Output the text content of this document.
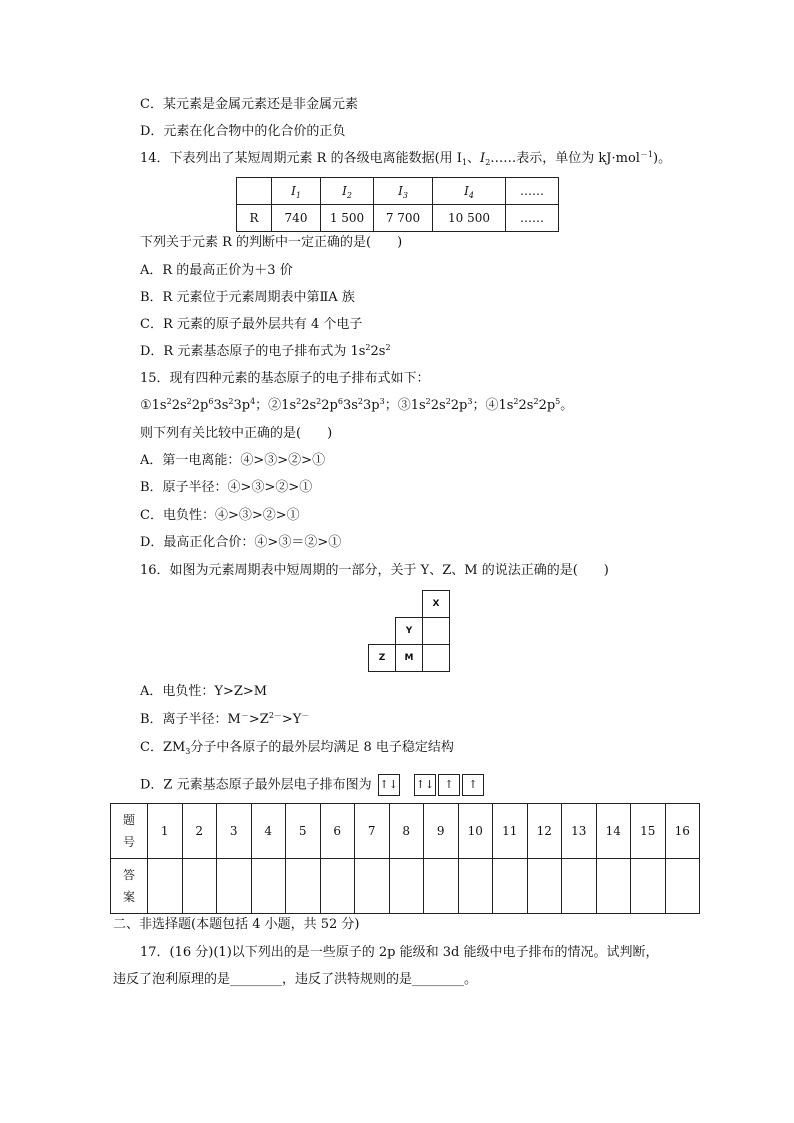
C．某元素是金属元素还是非金属元素
D．元素在化合物中的化合价的正负
14．下表列出了某短周期元素 R 的各级电离能数据(用 $I_1$、$I_2\dots\dots$表示，单位为 kJ·mol$^{-1}$)。
	$I_1$	$I_2$	$I_3$	$I_4$	……
R	740	1 500	7 700	10 500	……
下列关于元素 R 的判断中一定正确的是(　　)
A．R 的最高正价为＋3 价
B．R 元素位于元素周期表中第ⅡA 族
C．R 元素的原子最外层共有 4 个电子
D．R 元素基态原子的电子排布式为 $1s^22s^2$
15．现有四种元素的基态原子的电子排布式如下：
$①1s^22s^22p^63s^23p^4$；$②1s^22s^22p^63s^23p^3$；$③1s^22s^22p^3$；$④1s^22s^22p^5$。
则下列有关比较中正确的是(　　)
A．第一电离能：④>③>②>①
B．原子半径：④>③>②>①
C．电负性：④>③>②>①
D．最高正化合价：④>③＝②>①
16．如图为元素周期表中短周期的一部分，关于 Y、Z、M 的说法正确的是(　　)
		X
	Y	
Z	M	
A．电负性：Y>Z>M
B．离子半径：$M^->Z^{2-}>Y^-$
C．$ZM_3$分子中各原子的最外层均满足 8 电子稳定结构
D．Z 元素基态原子最外层电子排布图为 ↑↓ ↑↓ ↑ ↑
题号	1	2	3	4	5	6	7	8	9	10	11	12	13	14	15	16
答案																
二、非选择题(本题包括 4 小题，共 52 分)
17．(16 分)(1)以下列出的是一些原子的 2p 能级和 3d 能级中电子排布的情况。试判断，
违反了泡利原理的是________，违反了洪特规则的是________。
